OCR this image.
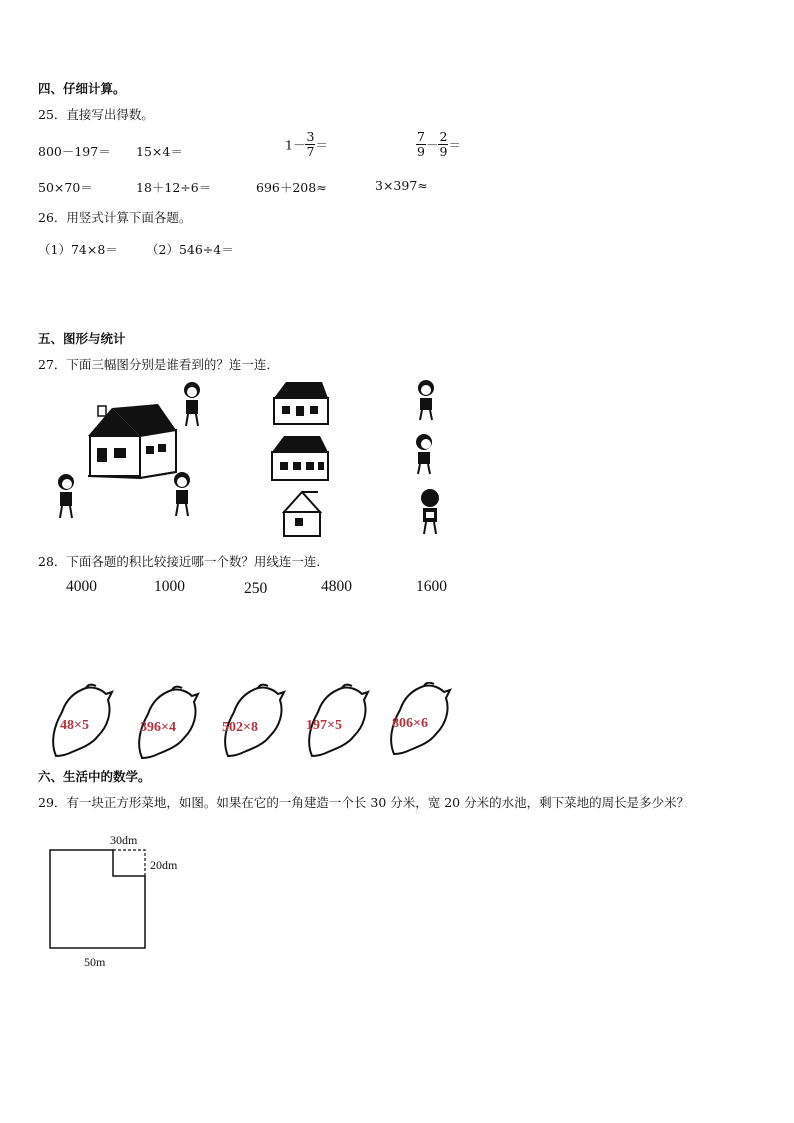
四、仔细计算。
25．直接写出得数。
800－197＝ 15×4＝	$1- \frac{3}{7}$ ＝	$\frac{7}{9} - \frac{2}{9}$ ＝
50×70＝	18＋12÷6＝	696＋208≈	3×397≈
26．用竖式计算下面各题。
（1）74×8＝ （2）546÷4＝
五、图形与统计
27．下面三幅图分别是谁看到的？连一连．
28．下面各题的积比较接近哪一个数？用线连一连．
4000	1000	250	4800	1600
48×5	396×4	502×8	197×5	806×6
六、生活中的数学。
29．有一块正方形菜地，如图。如果在它的一角建造一个长 30 分米，宽 20 分米的水池，剩下菜地的周长是多少米？
30dm
20dm
50m
